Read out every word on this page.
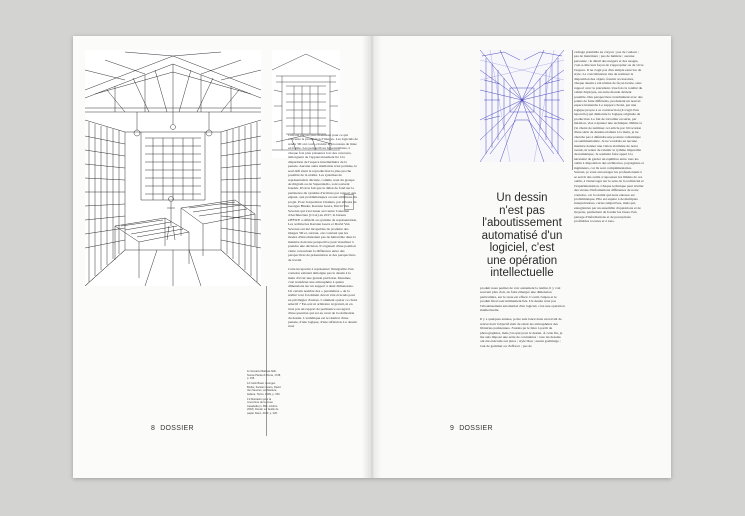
11 Giovanni Battista Nolli, Nuova Pianta di Roma, 1748, p. 155.

12 Carlo Bassi, Georges Binder, Karsten Geers, David Van Severen, Architettura italiana, Torino, 1999, p. 150.

13 Illustration pour la couverture de la revue Casabella (n. 890, octobre 2018). Dessin sur feuille de papier blanc, 2013, p. 226.

Cela est encore plus manifeste pour ce qui concerne la production d'images. Les logiciels de rendu 3D ont court-circuité le processus de mise en forme. Les perspectives hyperréalistes, à chaque fois plus présentes lors des concours, témoignent de l'appauvrissement lié à la disparition de l'espace intermédiaire de la pensée. Aucune autre médiation n'est permise, le seul défi étant la reproduction la plus proche possible de la réalité. Les systèmes de représentation décalée, comme ceux du groupe Archigram ou de Superstudio, sont souvent boudés. D'où le fait que le débat de fond sur la pertinence du système d'écriture par rapport aux enjeux, aux problématiques ou aux ambitions du projet. Pour l'exposition Chahuts, par ailleurs de Georges Binder, Karsten Geers, David Van Severen qui s'est tenue au Centre Canadien d'Architecture (CCA) en 2017, le bureau OFFICE a réfléchi au système de représentation. Les architectes Kersten Geers et David Van Severen ont été incapables de produire des images 3D et, surtout, ont constaté que les modes d'introduisaient pas de hiérarchie dans la manière dont une perspective peut visualiser à prendre une décision. Il s'agissait d'une position claire concernant la différence entre des perspectives de présentation et des perspectives de travail.

Cette incapacité à représenter l'intégralité d'un contexte existant témoigne pas le dessin à la main d'avoir une grande précision. Dessiner, c'est transférer une atmosphère à quatre dimensions sur un support à deux dimensions. Un certain nombre des « paramètres » de la réalité vont forcément devoir être évacués pour en privilégier d'autres. Comment opérer ce choix sélectif ? Est-soit ni arbitraire ni gratuit, ni en n'est pas un rapport de pertinence au regard d'une question qui est au cœur de la réalisation du dessin. L'esthétique est le résultat d'une pensée, d'une logique, d'une réflexion. Le dessin n'est
8 DOSSIER
cadrage préalable au crayon ; pas de couleur ; pas de matériaux ; pas de lumière ; aucune personne ; le détail des usagers et des usages, c'est-à-dire leur façon de s'approprier ou de vivre l'espace. Il ne s'agit pas d'un simple exercice de style. La concrétisation très de restituer la disposition des objets, fournir accessoires, chaque dessin a été réalisé de façon isolée, sans rapport avec le précédent. Une fois la totalité du cahier déployée, un autre monde devient possible. Des perspectives s'enchaînent avec des points de fuite différents, produisant un nouvel espace inattendu. Le support choisi, par une logique propre à sa construction (il s'agit d'un leporello) qui démontre la logique originale de production. Le fait de travailler en série, par itération, vise à épuiser une technique. Même si j'ai choisi de terminer cet article par l'évocation d'une série de dessins réalisés à la main, je ne cherche pas à défendre une posture romantique ou sentimentaliste. Je ne voudrais en aucune manière donner une vision alarmiste de notre avenir, ni tenter de ralentir le rythme imparable du numérique. Je souhaite faire appel à la nécessité de garder un équilibre entre tous les outils à disposition des architectes, paysagistes et ingénieurs, car ils sont complémentaires. Surtout, je veux encourager les professionnels à se servir des outils à repousser les limites de ces outils, à s'interroger sur le sens de la technicité et l'expérimentation. Chaque technique peut révéler des strates d'informations différentes de notre contexte, car la réalité qui nous entoure est problématique. Elle est sujette à de multiples interprétations, certes subjectives, mais qui, enregistrées par un ensemble d'opérations et de moyens, permettent de fonder les bases d'un partage d'informations et de perceptions profitables à toutes et à tous.
Un dessin
n'est pas
l'aboutissement
automatisé d'un
logiciel, c'est
une opération
intellectuelle
produit nous permet de voir autrement la réalité, il y voit souvent plus clair, de faire émerger une dimension particulière, sur le reste est effacé. L'outil, l'enjeu et le produit final sont intimement liés. Un dessin n'est pas l'aboutissement automatisé d'un logiciel, c'est une opération intellectuelle.

Il y a quelques années, je me suis lancé dans un travail de relevé dont l'objectif était de saisir les atmosphères des librairies parisiennes. J'aurais pu le faire à partir de photographies, mais j'ai opté pour le dessin. À cette fin, je me suis imposé une série de contraintes : tous les dessins ont été exécutés sur place ; style bleu ; aucun gommage ; tout de gommer ou d'effacer ; pas de
9 DOSSIER
